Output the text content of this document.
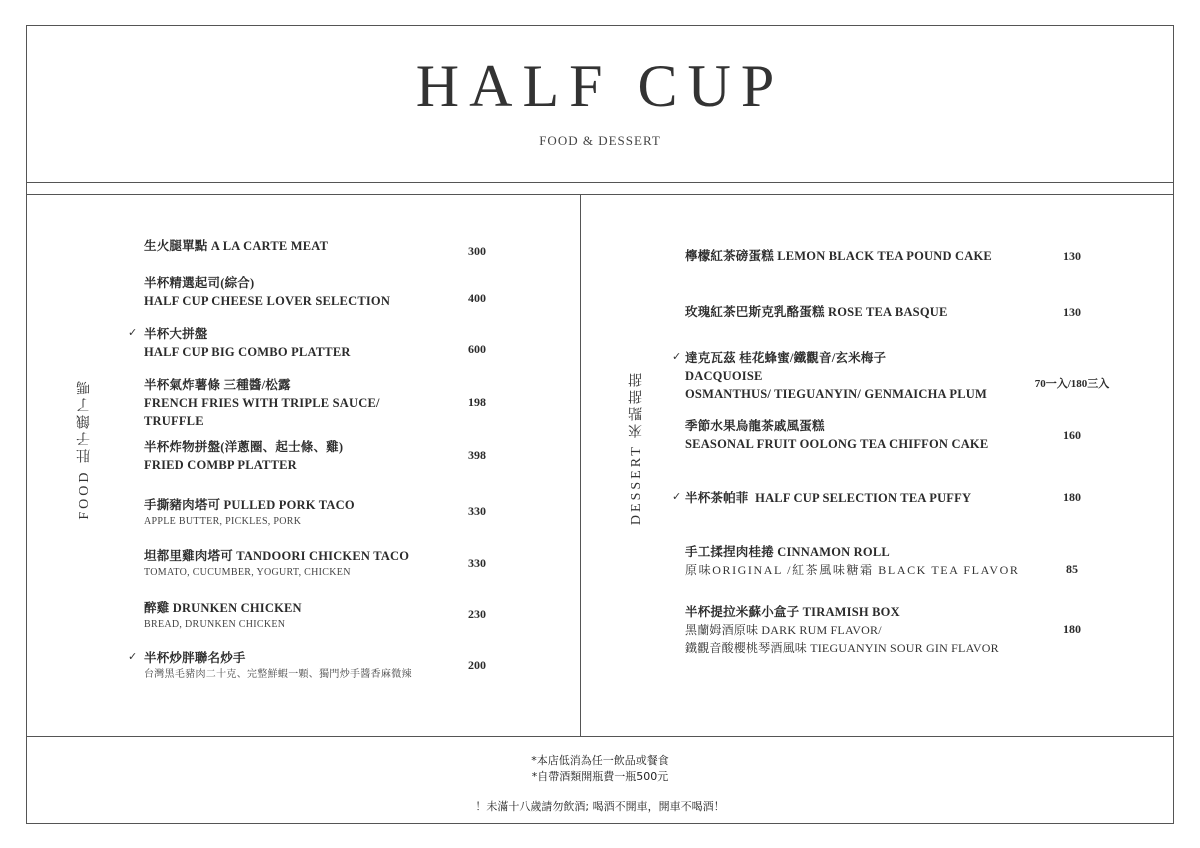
HALF CUP
FOOD & DESSERT
FOOD 肚子餓了嗎
生火腿單點 A LA CARTE MEAT	300
半杯精選起司(綜合)
HALF CUP CHEESE LOVER SELECTION	400
✓ 半杯大拼盤
HALF CUP BIG COMBO PLATTER	600
半杯氣炸薯條 三種醬/松露
FRENCH FRIES WITH TRIPLE SAUCE/
TRUFFLE
198
半杯炸物拼盤(洋蔥圈、起士條、雞)
FRIED COMBP PLATTER
398
手撕豬肉塔可 PULLED PORK TACO
APPLE BUTTER, PICKLES, PORK
330
坦都里雞肉塔可 TANDOORI CHICKEN TACO
TOMATO, CUCUMBER, YOGURT, CHICKEN
330
醉雞 DRUNKEN CHICKEN
BREAD, DRUNKEN CHICKEN
230
✓ 半杯炒胖聯名炒手
台灣黑毛豬肉二十克、完整鮮蝦一顆、獨門炒手醬香麻微辣
200
DESSERT 來點甜甜
檸檬紅茶磅蛋糕 LEMON BLACK TEA POUND CAKE	130
玫瑰紅茶巴斯克乳酪蛋糕 ROSE TEA BASQUE	130
✓ 達克瓦茲 桂花蜂蜜/鐵觀音/玄米梅子
DACQUOISE
OSMANTHUS/ TIEGUANYIN/ GENMAICHA PLUM
70一入/180三入
季節水果烏龍茶戚風蛋糕
SEASONAL FRUIT OOLONG TEA CHIFFON CAKE
160
✓ 半杯茶帕菲  HALF CUP SELECTION TEA PUFFY	180
手工揉捏肉桂捲 CINNAMON ROLL
原味ORIGINAL /紅茶風味糖霜 BLACK TEA FLAVOR	85
半杯提拉米蘇小盒子 TIRAMISH BOX
黑蘭姆酒原味 DARK RUM FLAVOR/
鐵觀音酸櫻桃琴酒風味 TIEGUANYIN SOUR GIN FLAVOR
180
*本店低消為任一飲品或餐食
*自帶酒類開瓶費一瓶500元
！未滿十八歲請勿飲酒; 喝酒不開車，開車不喝酒！
